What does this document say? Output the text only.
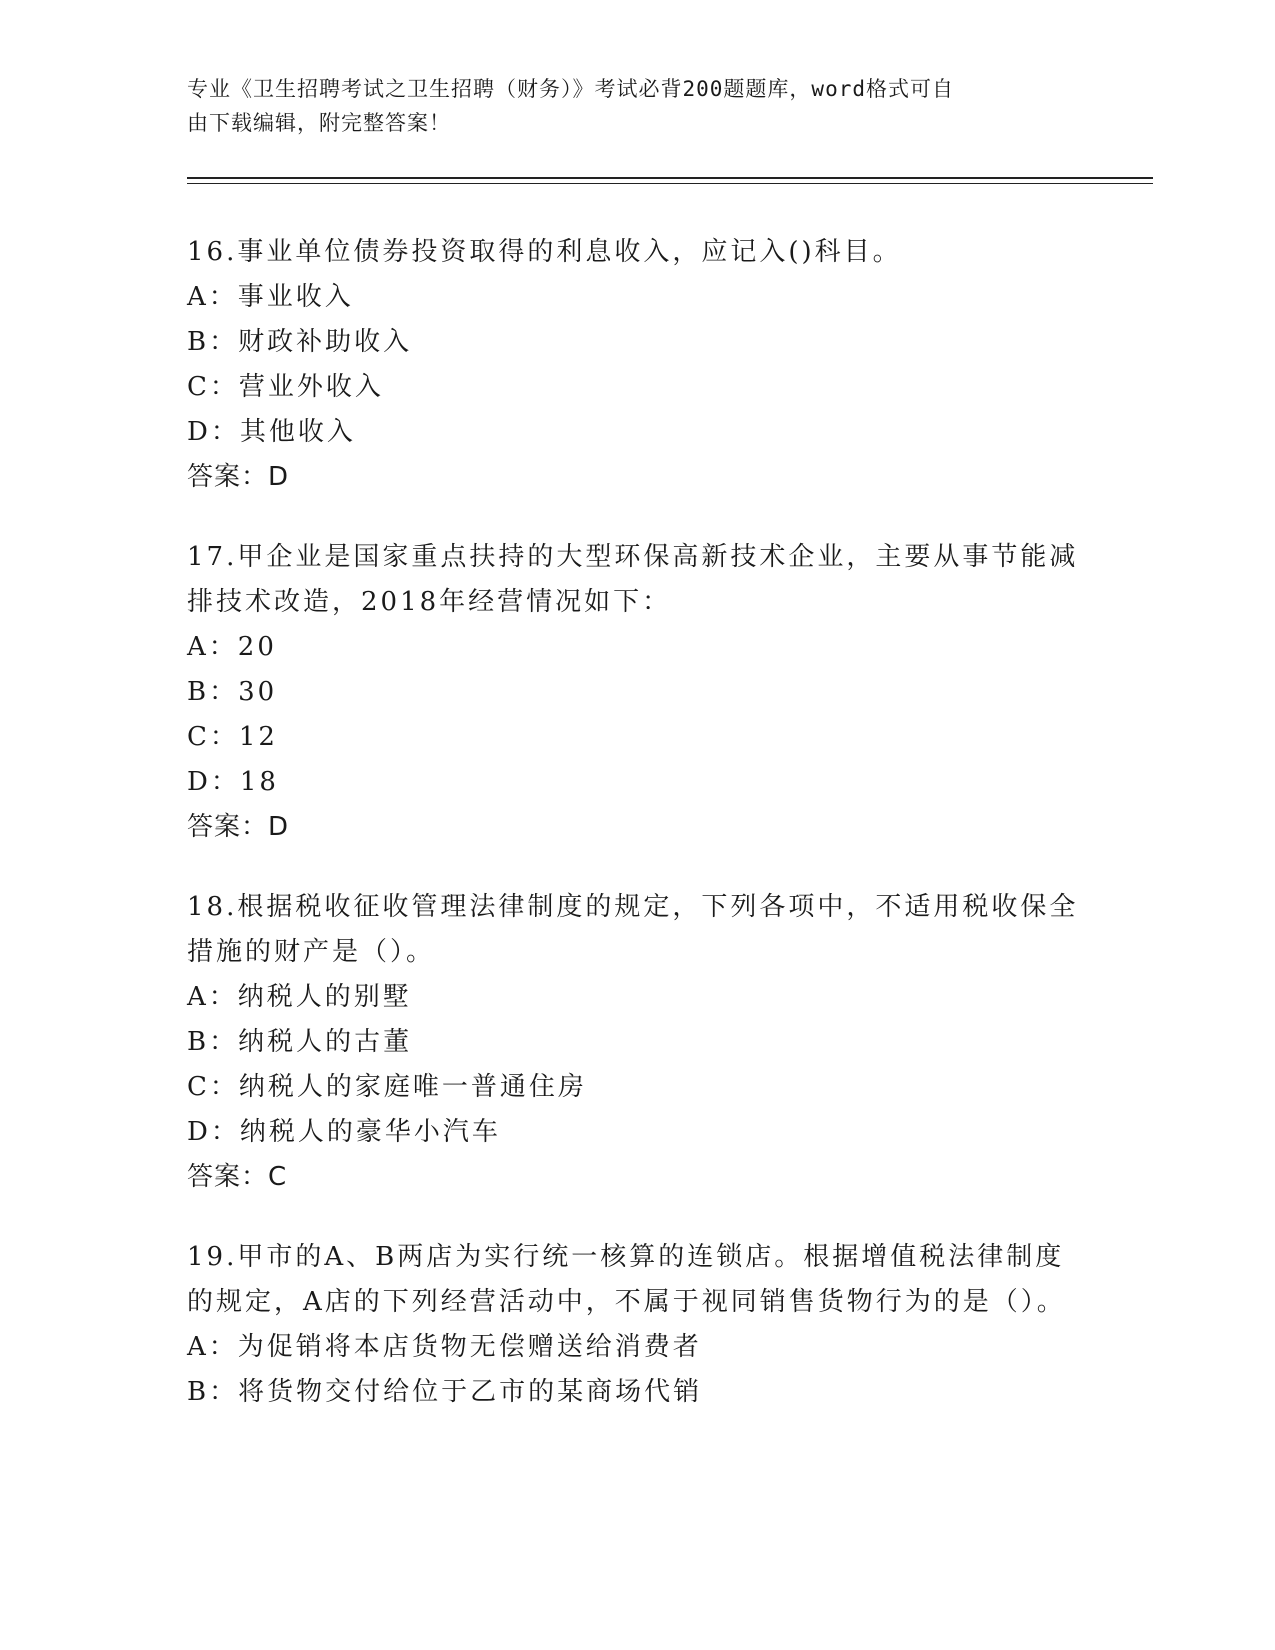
专业《卫生招聘考试之卫生招聘（财务）》考试必背200题题库，word格式可自
由下载编辑，附完整答案！
16.事业单位债券投资取得的利息收入，应记入()科目。
A：事业收入
B：财政补助收入
C：营业外收入
D：其他收入
答案：D
17.甲企业是国家重点扶持的大型环保高新技术企业，主要从事节能减
排技术改造，2018年经营情况如下：
A：20
B：30
C：12
D：18
答案：D
18.根据税收征收管理法律制度的规定，下列各项中，不适用税收保全
措施的财产是（）。
A：纳税人的别墅
B：纳税人的古董
C：纳税人的家庭唯一普通住房
D：纳税人的豪华小汽车
答案：C
19.甲市的A、B两店为实行统一核算的连锁店。根据增值税法律制度
的规定，A店的下列经营活动中，不属于视同销售货物行为的是（）。
A：为促销将本店货物无偿赠送给消费者
B：将货物交付给位于乙市的某商场代销
